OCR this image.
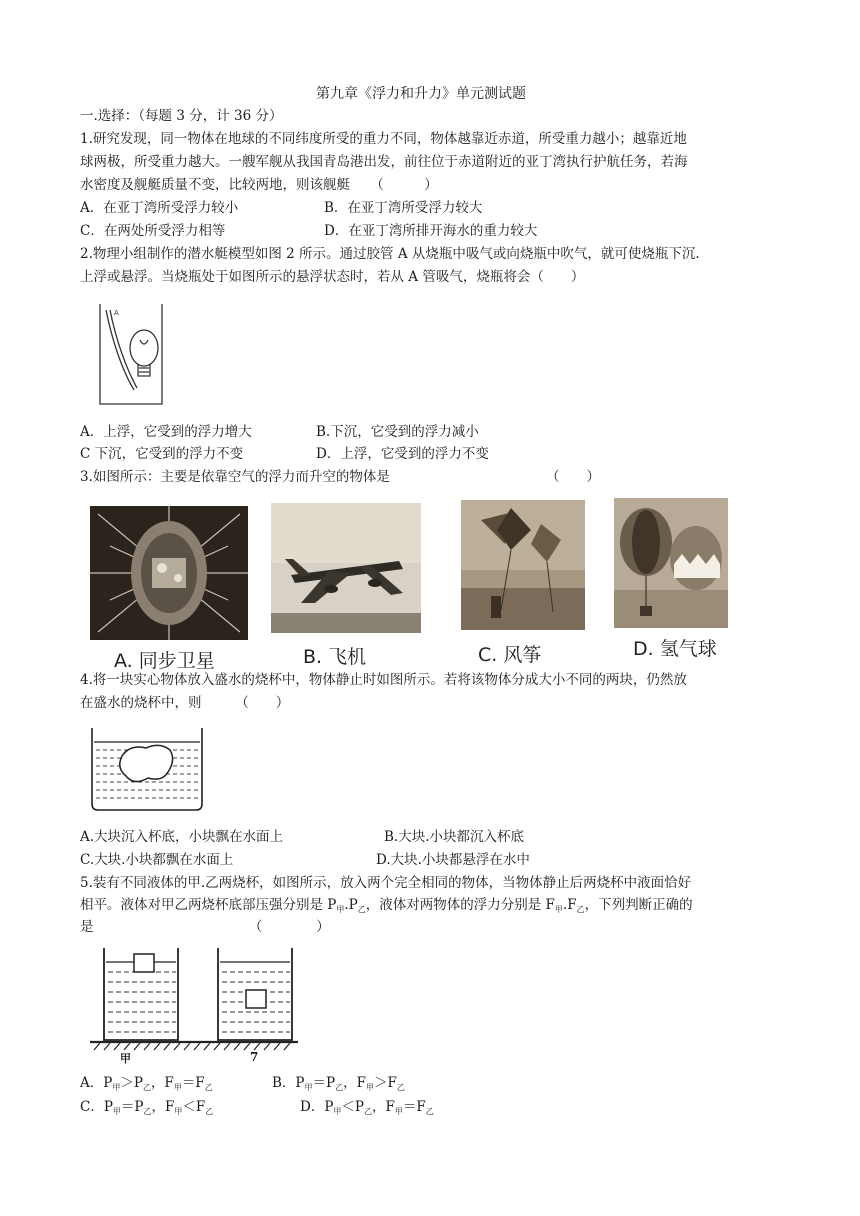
第九章《浮力和升力》单元测试题
一.选择：（每题 3 分，计 36 分）
1.研究发现，同一物体在地球的不同纬度所受的重力不同，物体越靠近赤道，所受重力越小；越靠近地
球两极，所受重力越大。一艘军舰从我国青岛港出发，前往位于赤道附近的亚丁湾执行护航任务，若海
水密度及舰艇质量不变，比较两地，则该舰艇　　（　　　）
A．在亚丁湾所受浮力较小	B．在亚丁湾所受浮力较大
C．在两处所受浮力相等	D．在亚丁湾所排开海水的重力较大
2.物理小组制作的潜水艇模型如图 2 所示。通过胶管 A 从烧瓶中吸气或向烧瓶中吹气，就可使烧瓶下沉.
上浮或悬浮。当烧瓶处于如图所示的悬浮状态时，若从 A 管吸气，烧瓶将会（　　）
A
A．上浮，它受到的浮力增大	B.下沉，它受到的浮力减小
C 下沉，它受到的浮力不变	D．上浮，它受到的浮力不变
3.如图所示：主要是依靠空气的浮力而升空的物体是	（　　）
A. 同步卫星	B. 飞机	C. 风筝	D. 氢气球
4.将一块实心物体放入盛水的烧杯中，物体静止时如图所示。若将该物体分成大小不同的两块，仍然放
在盛水的烧杯中，则　　　（　　）
A.大块沉入杯底，小块飘在水面上	B.大块.小块都沉入杯底
C.大块.小块都飘在水面上	D.大块.小块都悬浮在水中
5.装有不同液体的甲.乙两烧杯，如图所示，放入两个完全相同的物体，当物体静止后两烧杯中液面恰好
相平。液体对甲乙两烧杯底部压强分别是 $P_甲.P_乙$，液体对两物体的浮力分别是 $F_甲.F_乙$，下列判断正确的
是　　　　　　　　　　　　（　　　　）
甲	7
A．$P_甲>P_乙$，$F_甲=F_乙$	B．$P_甲=P_乙$，$F_甲>F_乙$
C．$P_甲=P_乙$，$F_甲<F_乙$	D．$P_甲<P_乙$，$F_甲=F_乙$
